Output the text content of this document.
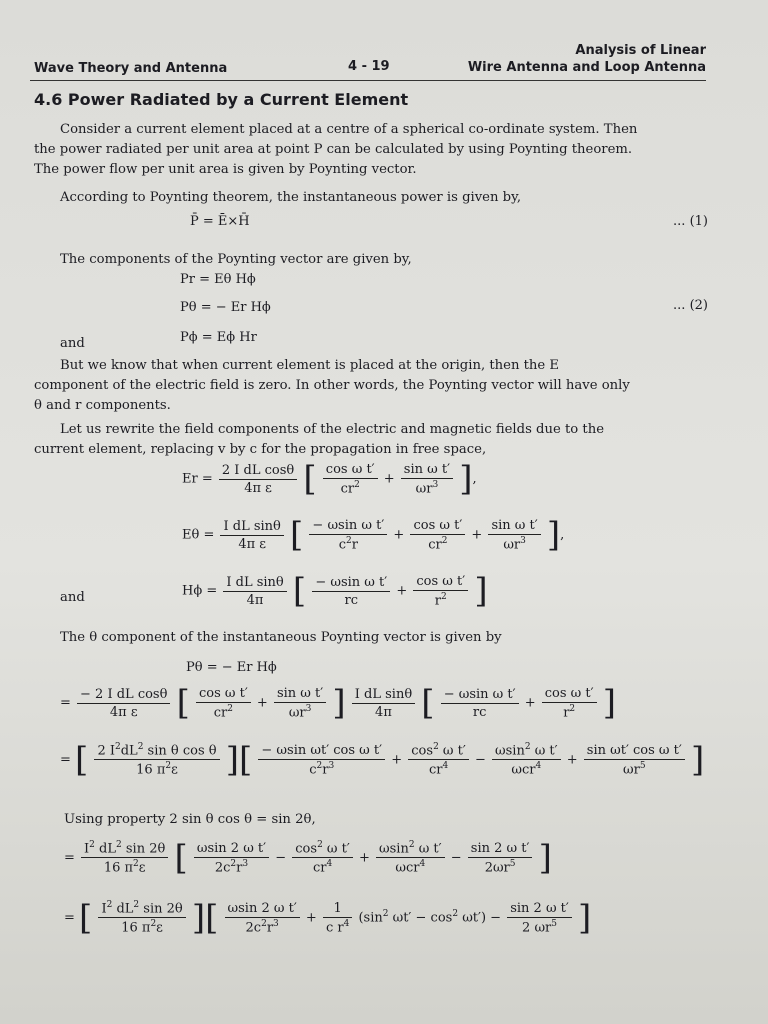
Wave Theory and Antenna	4 - 19
Analysis of Linear
Wire Antenna and Loop Antenna
4.6 Power Radiated by a Current Element
Consider a current element placed at a centre of a spherical co-ordinate system. Then
the power radiated per unit area at point P can be calculated by using Poynting theorem.
The power flow per unit area is given by Poynting vector.
According to Poynting theorem, the instantaneous power is given by,
P̄ = Ē×H̄	... (1)
The components of the Poynting vector are given by,
Pr = Eθ Hϕ
Pθ = − Er Hϕ	... (2)
and	Pϕ = Eϕ Hr
But we know that when current element is placed at the origin, then the E
component of the electric field is zero. In other words, the Poynting vector will have only
θ and r components.
Let us rewrite the field components of the electric and magnetic fields due to the
current element, replacing v by c for the propagation in free space,
$Er = \frac{\text{2 I dL cosθ}}{\text{4π ε}}$ [ $\frac{\text{cos ω t′}}{cr^2} + \frac{\text{sin ω t′}}{\omega r^3}$ ],
$E\theta = \frac{\text{I dL sinθ}}{\text{4π ε}}$ [ $\frac{\text{− ωsin ω t′}}{c^2r} + \frac{\text{cos ω t′}}{cr^2} + \frac{\text{sin ω t′}}{\omega r^3}$ ],
and	$H\phi = \frac{\text{I dL sinθ}}{4\pi}$ [ $\frac{\text{− ωsin ω t′}}{rc} + \frac{\text{cos ω t′}}{r^2}$ ]
The θ component of the instantaneous Poynting vector is given by
Pθ = − Er Hϕ
= $\frac{\text{− 2 I dL cosθ}}{\text{4π ε}}$ [ $\frac{\text{cos ω t′}}{cr^2} + \frac{\text{sin ω t′}}{\omega r^3}$ ] $\frac{\text{I dL sinθ}}{4\pi}$ [ $\frac{\text{− ωsin ω t′}}{rc} + \frac{\text{cos ω t′}}{r^2}$ ]
= [ $\frac{2 I^2dL^2 \sin \theta \cos \theta}{16 \pi^2\varepsilon}$ ][ $\frac{\text{− ωsin ωt′ cos ω t′}}{c^2r^3} + \frac{\cos^2 \omega t'}{cr^4} - \frac{\omega\sin^2 \omega t'}{\omega cr^4} + \frac{\text{sin ωt′ cos ω t′}}{\omega r^5}$ ]
Using property 2 sin θ cos θ = sin 2θ,
= $\frac{I^2 dL^2 \sin 2\theta}{16 \pi^2\varepsilon}$ [ $\frac{\text{ωsin 2 ω t′}}{2c^2r^3} - \frac{\cos^2 \omega t'}{cr^4} + \frac{\omega\sin^2 \omega t'}{\omega cr^4} - \frac{\text{sin 2 ω t′}}{2\omega r^5}$ ]
= [ $\frac{I^2 dL^2 \sin 2\theta}{16 \pi^2\varepsilon}$ ][ $\frac{\text{ωsin 2 ω t′}}{2c^2r^3} + \frac{1}{c r^4} (\sin^2$ $\omega t' - \cos^2 \omega t') - \frac{\text{sin 2 ω t′}}{2 \omega r^5}$ ]
